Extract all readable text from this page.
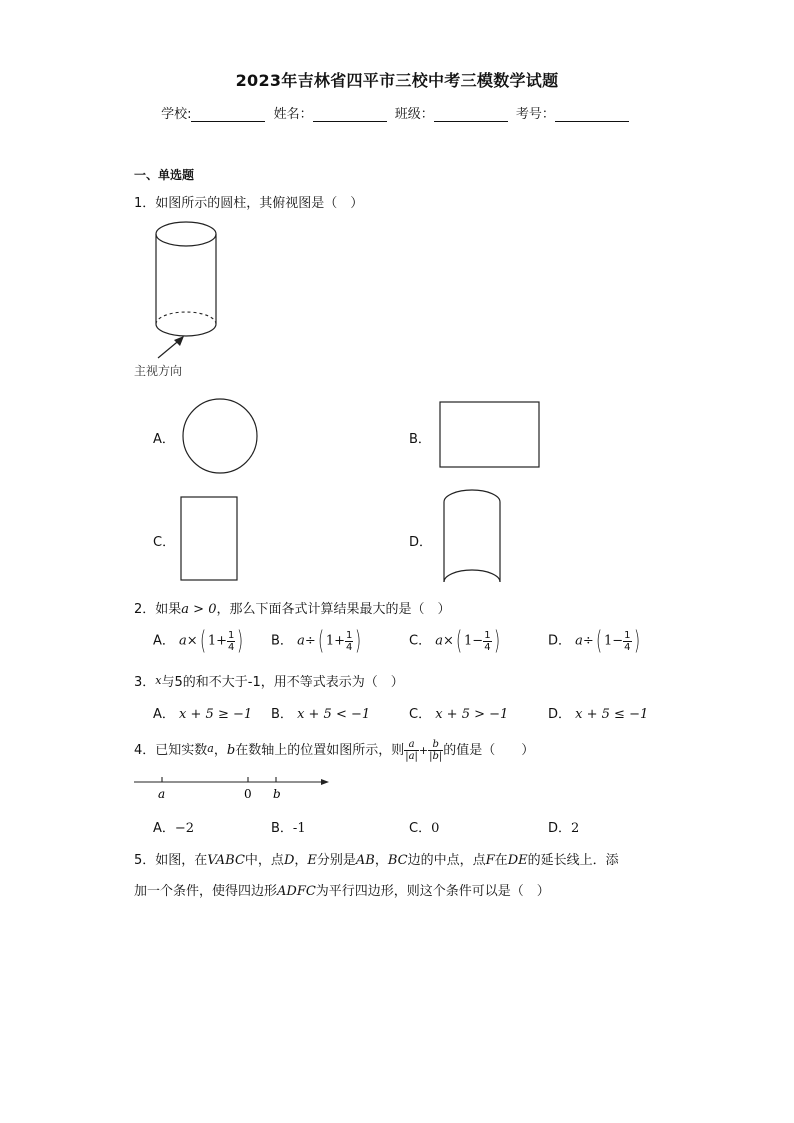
2023年吉林省四平市三校中考三模数学试题
学校:	姓名：	班级：	考号：
一、单选题
1．如图所示的圆柱，其俯视图是（　）
主视方向
A．	B．
C．	D．
2．如果a > 0，那么下面各式计算结果最大的是（　）
A． a×( $1+ \frac{1}{4}$ ) B． a÷( $1+ \frac{1}{4}$ )	C． a×( $1- \frac{1}{4}$ )	D． a÷( $1- \frac{1}{4}$ )
3．x与5的和不大于-1，用不等式表示为（　）
A． x + 5 ≥ −1 B． x + 5 < −1	C． x + 5 > −1	D． x + 5 ≤ −1
4．已知实数a，b在数轴上的位置如图所示，则 $\frac{a}{|a|} + \frac{b}{|b|}$ 的值是（　　）
a	0 b
A．−2	B．-1	C．0	D．2
5．如图，在VABC中，点D，E分别是AB，BC边的中点，点F在DE的延长线上．添
加一个条件，使得四边形ADFC为平行四边形，则这个条件可以是（　）
